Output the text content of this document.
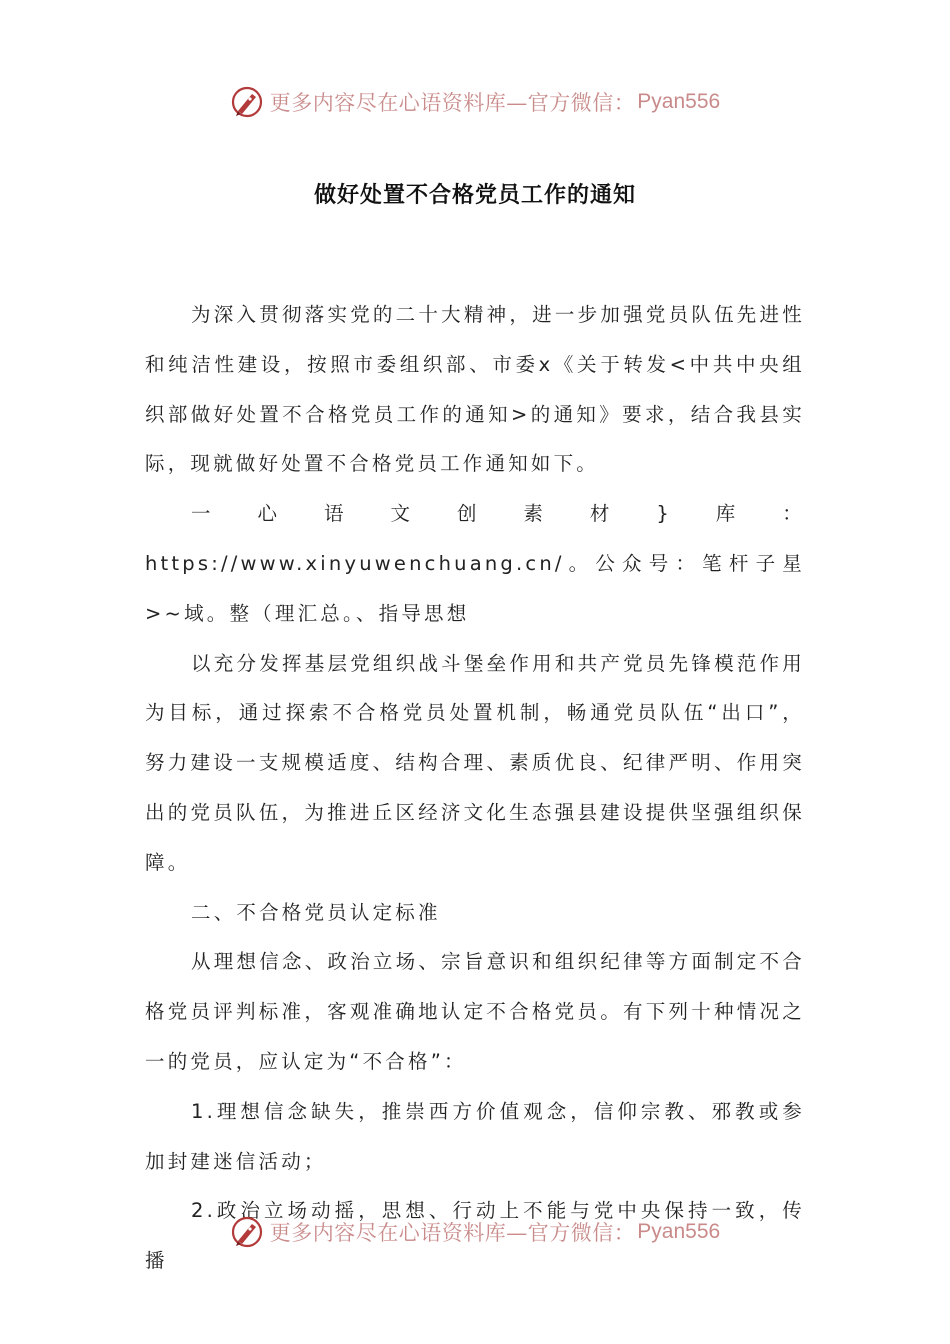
更多内容尽在心语资料库—官方微信： Pyan556
做好处置不合格党员工作的通知

为深入贯彻落实党的二十大精神，进一步加强党员队伍先进性和纯洁性建设，按照市委组织部、市委x《关于转发<中共中央组织部做好处置不合格党员工作的通知>的通知》要求，结合我县实际，现就做好处置不合格党员工作通知如下。

一心语文创素材}库：https://www.xinyuwenchuang.cn/。公众号：笔杆子星>~域。整（理汇总。、指导思想

以充分发挥基层党组织战斗堡垒作用和共产党员先锋模范作用为目标，通过探索不合格党员处置机制，畅通党员队伍“出口”，努力建设一支规模适度、结构合理、素质优良、纪律严明、作用突出的党员队伍，为推进丘区经济文化生态强县建设提供坚强组织保障。

二、不合格党员认定标准

从理想信念、政治立场、宗旨意识和组织纪律等方面制定不合格党员评判标准，客观准确地认定不合格党员。有下列十种情况之一的党员，应认定为“不合格”：

1.理想信念缺失，推崇西方价值观念，信仰宗教、邪教或参加封建迷信活动；

2.政治立场动摇，思想、行动上不能与党中央保持一致，传播

更多内容尽在心语资料库—官方微信： Pyan556
